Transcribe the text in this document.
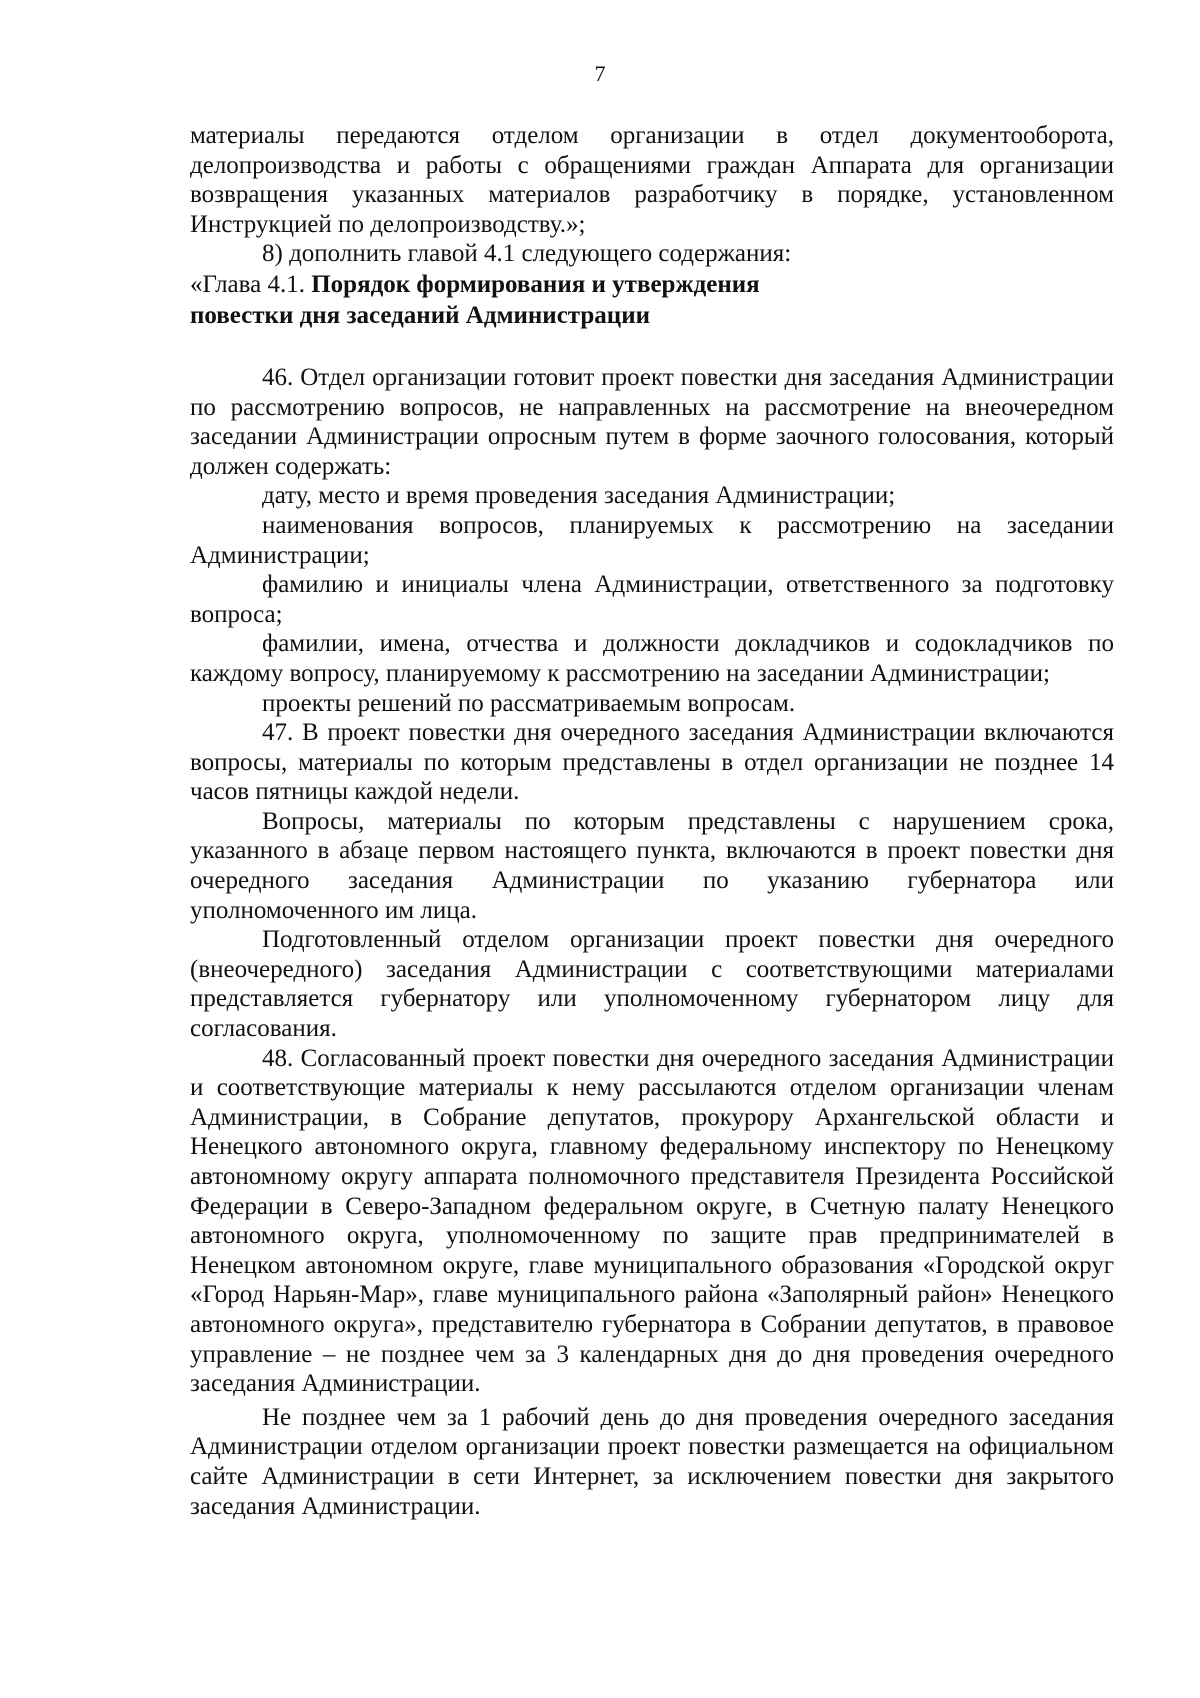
7

материалы передаются отделом организации в отдел документооборота, делопроизводства и работы с обращениями граждан Аппарата для организации возвращения указанных материалов разработчику в порядке, установленном Инструкцией по делопроизводству.»;

8) дополнить главой 4.1 следующего содержания:

«Глава 4.1. Порядок формирования и утверждения
повестки дня заседаний Администрации

46. Отдел организации готовит проект повестки дня заседания Администрации по рассмотрению вопросов, не направленных на рассмотрение на внеочередном заседании Администрации опросным путем в форме заочного голосования, который должен содержать:

дату, место и время проведения заседания Администрации;

наименования вопросов, планируемых к рассмотрению на заседании Администрации;

фамилию и инициалы члена Администрации, ответственного за подготовку вопроса;

фамилии, имена, отчества и должности докладчиков и содокладчиков по каждому вопросу, планируемому к рассмотрению на заседании Администрации;

проекты решений по рассматриваемым вопросам.

47. В проект повестки дня очередного заседания Администрации включаются вопросы, материалы по которым представлены в отдел организации не позднее 14 часов пятницы каждой недели.

Вопросы, материалы по которым представлены с нарушением срока, указанного в абзаце первом настоящего пункта, включаются в проект повестки дня очередного заседания Администрации по указанию губернатора или уполномоченного им лица.

Подготовленный отделом организации проект повестки дня очередного (внеочередного) заседания Администрации с соответствующими материалами представляется губернатору или уполномоченному губернатором лицу для согласования.

48. Согласованный проект повестки дня очередного заседания Администрации и соответствующие материалы к нему рассылаются отделом организации членам Администрации, в Собрание депутатов, прокурору Архангельской области и Ненецкого автономного округа, главному федеральному инспектору по Ненецкому автономному округу аппарата полномочного представителя Президента Российской Федерации в Северо-Западном федеральном округе, в Счетную палату Ненецкого автономного округа, уполномоченному по защите прав предпринимателей в Ненецком автономном округе, главе муниципального образования «Городской округ «Город Нарьян-Мар», главе муниципального района «Заполярный район» Ненецкого автономного округа», представителю губернатора в Собрании депутатов, в правовое управление – не позднее чем за 3 календарных дня до дня проведения очередного заседания Администрации.

Не позднее чем за 1 рабочий день до дня проведения очередного заседания Администрации отделом организации проект повестки размещается на официальном сайте Администрации в сети Интернет, за исключением повестки дня закрытого заседания Администрации.
